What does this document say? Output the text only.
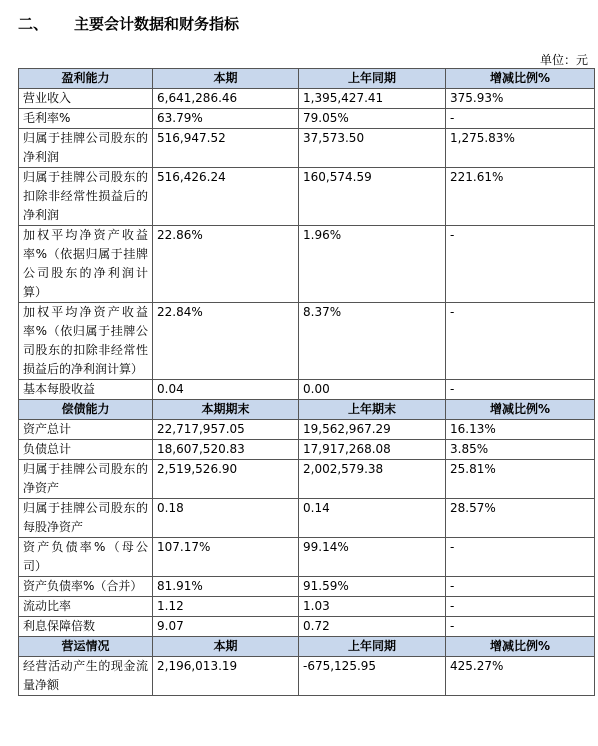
二、	主要会计数据和财务指标
单位：元
盈利能力	本期	上年同期	增减比例%
营业收入	6,641,286.46	1,395,427.41	375.93%
毛利率%	63.79%	79.05%	-
归属于挂牌公司股东的净利润	516,947.52	37,573.50	1,275.83%
归属于挂牌公司股东的扣除非经常性损益后的净利润	516,426.24	160,574.59	221.61%
加权平均净资产收益率%（依据归属于挂牌公司股东的净利润计算）	22.86%	1.96%	-
加权平均净资产收益率%（依归属于挂牌公司股东的扣除非经常性损益后的净利润计算）	22.84%	8.37%	-
基本每股收益	0.04	0.00	-
偿债能力	本期期末	上年期末	增减比例%
资产总计	22,717,957.05	19,562,967.29	16.13%
负债总计	18,607,520.83	17,917,268.08	3.85%
归属于挂牌公司股东的净资产	2,519,526.90	2,002,579.38	25.81%
归属于挂牌公司股东的每股净资产	0.18	0.14	28.57%
资产负债率%（母公司）	107.17%	99.14%	-
资产负债率%（合并）	81.91%	91.59%	-
流动比率	1.12	1.03	-
利息保障倍数	9.07	0.72	-
营运情况	本期	上年同期	增减比例%
经营活动产生的现金流量净额	2,196,013.19	-675,125.95	425.27%
